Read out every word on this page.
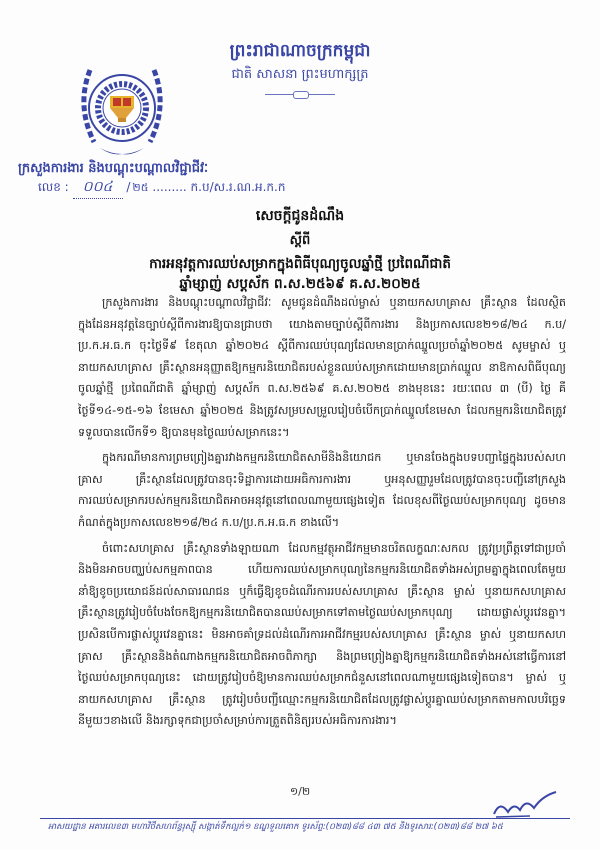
ព្រះរាជាណាចក្រកម្ពុជា
ជាតិ សាសនា ព្រះមហាក្សត្រ
ក្រសួងការងារ និងបណ្តុះបណ្តាលវិជ្ជាជីវៈ
លេខ : ០០៤ / ២៥ ......... ក.ប/ស.រ.ណ.អ.ក.ក
សេចក្តីជូនដំណឹង
ស្តីពី
ការអនុវត្តការឈប់សម្រាកក្នុងពិធីបុណ្យចូលឆ្នាំថ្មី ប្រពៃណីជាតិ
ឆ្នាំម្សាញ់ សប្តស័ក ព.ស.២៥៦៩ គ.ស.២០២៥

ក្រសួងការងារ និងបណ្តុះបណ្តាលវិជ្ជាជីវៈ សូមជូនដំណឹងដល់ម្ចាស់ ឬនាយកសហគ្រាស គ្រឹះស្ថាន ដែលស្ថិតក្នុងដែនអនុវត្តនៃច្បាប់ស្តីពីការងារឱ្យបានជ្រាបថា យោងតាមច្បាប់ស្តីពីការងារ និងប្រកាសលេខ២១៨/២៤ ក.ប/ប្រ.ក.អ.ធ.ក ចុះថ្ងៃទី៩ ខែតុលា ឆ្នាំ២០២៤ ស្តីពីការឈប់បុណ្យដែលមានប្រាក់ឈ្នួលប្រចាំឆ្នាំ២០២៥ សូមម្ចាស់ ឬនាយកសហគ្រាស គ្រឹះស្ថានអនុញ្ញាតឱ្យកម្មករនិយោជិតរបស់ខ្លួនឈប់សម្រាកដោយមានប្រាក់ឈ្នួល នាឱកាសពិធីបុណ្យចូលឆ្នាំថ្មី ប្រពៃណីជាតិ ឆ្នាំម្សាញ់ សប្តស័ក ព.ស.២៥៦៩ គ.ស.២០២៥ ខាងមុខនេះ រយៈពេល ៣ (បី) ថ្ងៃ គឺថ្ងៃទី១៤-១៥-១៦ ខែមេសា ឆ្នាំ២០២៥ និងត្រូវសម្របសម្រួលរៀបចំបើកប្រាក់ឈ្នួលខែមេសា ដែលកម្មករនិយោជិតត្រូវទទួលបានលើកទី១ ឱ្យបានមុនថ្ងៃឈប់សម្រាកនេះ។

ក្នុងករណីមានការព្រមព្រៀងគ្នារវាងកម្មករនិយោជិតសាមីនិងនិយោជក ឬមានចែងក្នុងបទបញ្ជាផ្ទៃក្នុងរបស់សហគ្រាស គ្រឹះស្ថានដែលត្រូវបានចុះទិដ្ឋាការដោយអធិការការងារ ឬអនុសញ្ញារួមដែលត្រូវបានចុះបញ្ជីនៅក្រសួង ការឈប់សម្រាករបស់កម្មករនិយោជិតអាចអនុវត្តនៅពេលណាមួយផ្សេងទៀត ដែលខុសពីថ្ងៃឈប់សម្រាកបុណ្យ ដូចមានកំណត់ក្នុងប្រកាសលេខ២១៨/២៤ ក.ប/ប្រ.ក.អ.ធ.ក ខាងលើ។

ចំពោះសហគ្រាស គ្រឹះស្ថានទាំងឡាយណា ដែលកម្មវត្ថុអាជីវកម្មមានចរិតលក្ខណៈសកល ត្រូវប្រព្រឹត្តទៅជាប្រចាំ និងមិនអាចបញ្ឈប់សកម្មភាពបាន ហើយការឈប់សម្រាកបុណ្យនៃកម្មករនិយោជិតទាំងអស់ព្រមគ្នាក្នុងពេលតែមួយនាំឱ្យខូចប្រយោជន៍ដល់សាធារណជន ឬក៏ធ្វើឱ្យខូចដំណើរការរបស់សហគ្រាស គ្រឹះស្ថាន ម្ចាស់ ឬនាយកសហគ្រាស គ្រឹះស្ថានត្រូវរៀបចំបែងចែកឱ្យកម្មករនិយោជិតបានឈប់សម្រាកទៅតាមថ្ងៃឈប់សម្រាកបុណ្យ ដោយផ្លាស់ប្តូរវេនគ្នា។ ប្រសិនបើការផ្លាស់ប្តូរវេនគ្នានេះ មិនអាចគាំទ្រដល់ដំណើរការអាជីវកម្មរបស់សហគ្រាស គ្រឹះស្ថាន ម្ចាស់ ឬនាយកសហគ្រាស គ្រឹះស្ថាននិងតំណាងកម្មករនិយោជិតអាចពិភាក្សា និងព្រមព្រៀងគ្នាឱ្យកម្មករនិយោជិតទាំងអស់នៅធ្វើការនៅថ្ងៃឈប់សម្រាកបុណ្យនេះ ដោយត្រូវរៀបចំឱ្យមានការឈប់សម្រាកជំនួសនៅពេលណាមួយផ្សេងទៀតបាន។ ម្ចាស់ ឬនាយកសហគ្រាស គ្រឹះស្ថាន ត្រូវរៀបចំបញ្ជីឈ្មោះកម្មករនិយោជិតដែលត្រូវផ្លាស់ប្តូរគ្នាឈប់សម្រាកតាមកាលបរិច្ឆេទនីមួយៗខាងលើ និងរក្សាទុកជាប្រចាំសម្រាប់ការត្រួតពិនិត្យរបស់អធិការការងារ។

១/២
អាសយដ្ឋាន អគារលេខ៣ មហាវិថីសហព័ន្ធរុស្ស៊ី សង្កាត់ទឹកល្អក់១ ខណ្ឌទួលគោក ទូរស័ព្ទ:(០២៣)៨៨ ៤៣ ៧៥ និងទូរសារ:(០២៣)៨៨ ២៧ ៦៥
